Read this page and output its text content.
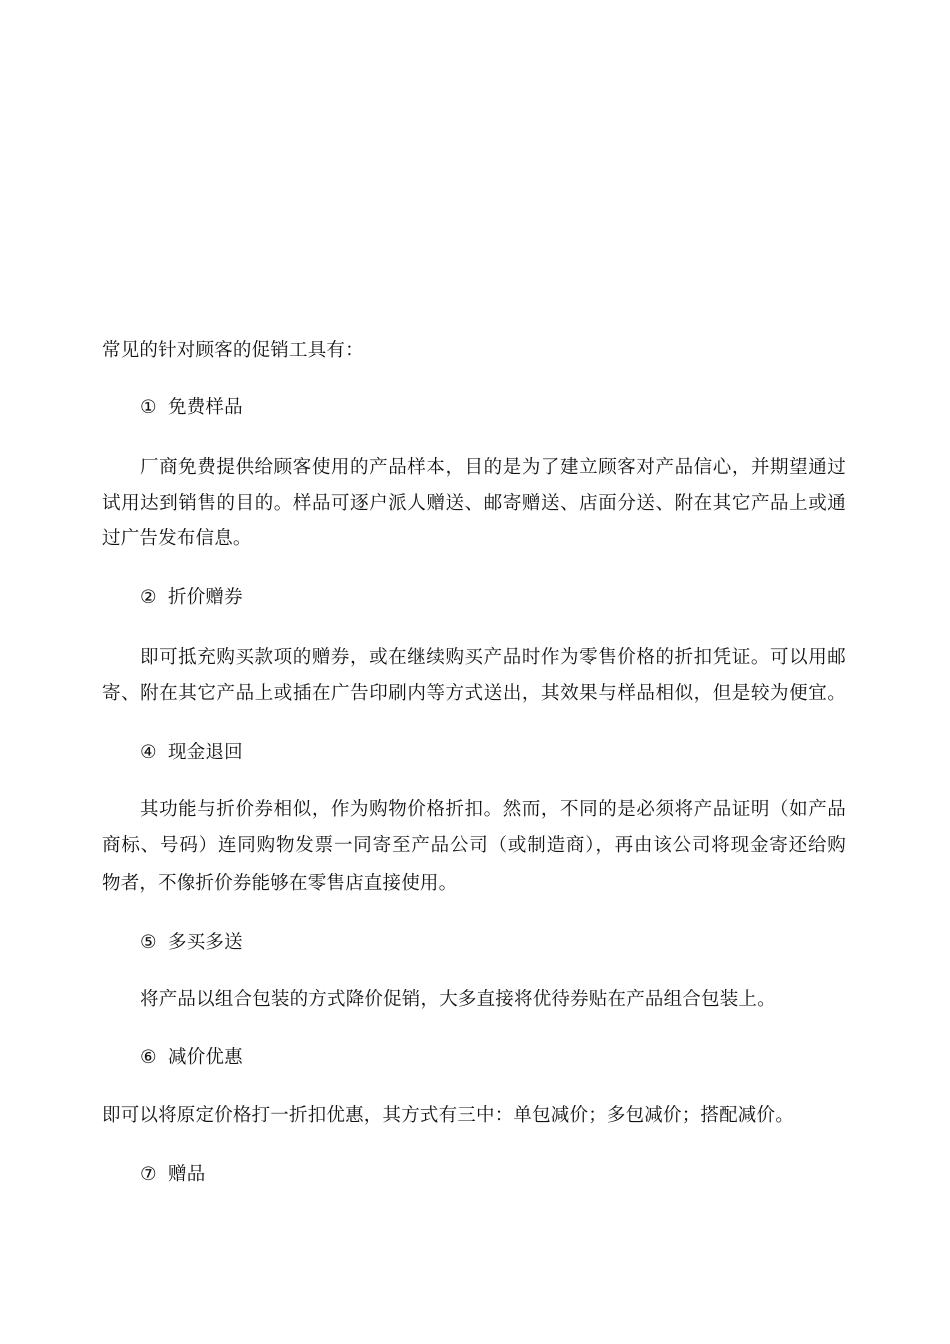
常见的针对顾客的促销工具有：
① 免费样品
厂商免费提供给顾客使用的产品样本，目的是为了建立顾客对产品信心，并期望通过
试用达到销售的目的。样品可逐户派人赠送、邮寄赠送、店面分送、附在其它产品上或通
过广告发布信息。
② 折价赠券
即可抵充购买款项的赠券，或在继续购买产品时作为零售价格的折扣凭证。可以用邮
寄、附在其它产品上或插在广告印刷内等方式送出，其效果与样品相似，但是较为便宜。
④ 现金退回
其功能与折价券相似，作为购物价格折扣。然而，不同的是必须将产品证明（如产品
商标、号码）连同购物发票一同寄至产品公司（或制造商），再由该公司将现金寄还给购
物者，不像折价券能够在零售店直接使用。
⑤ 多买多送
将产品以组合包装的方式降价促销，大多直接将优待券贴在产品组合包装上。
⑥ 减价优惠
即可以将原定价格打一折扣优惠，其方式有三中：单包减价；多包减价；搭配减价。
⑦ 赠品
